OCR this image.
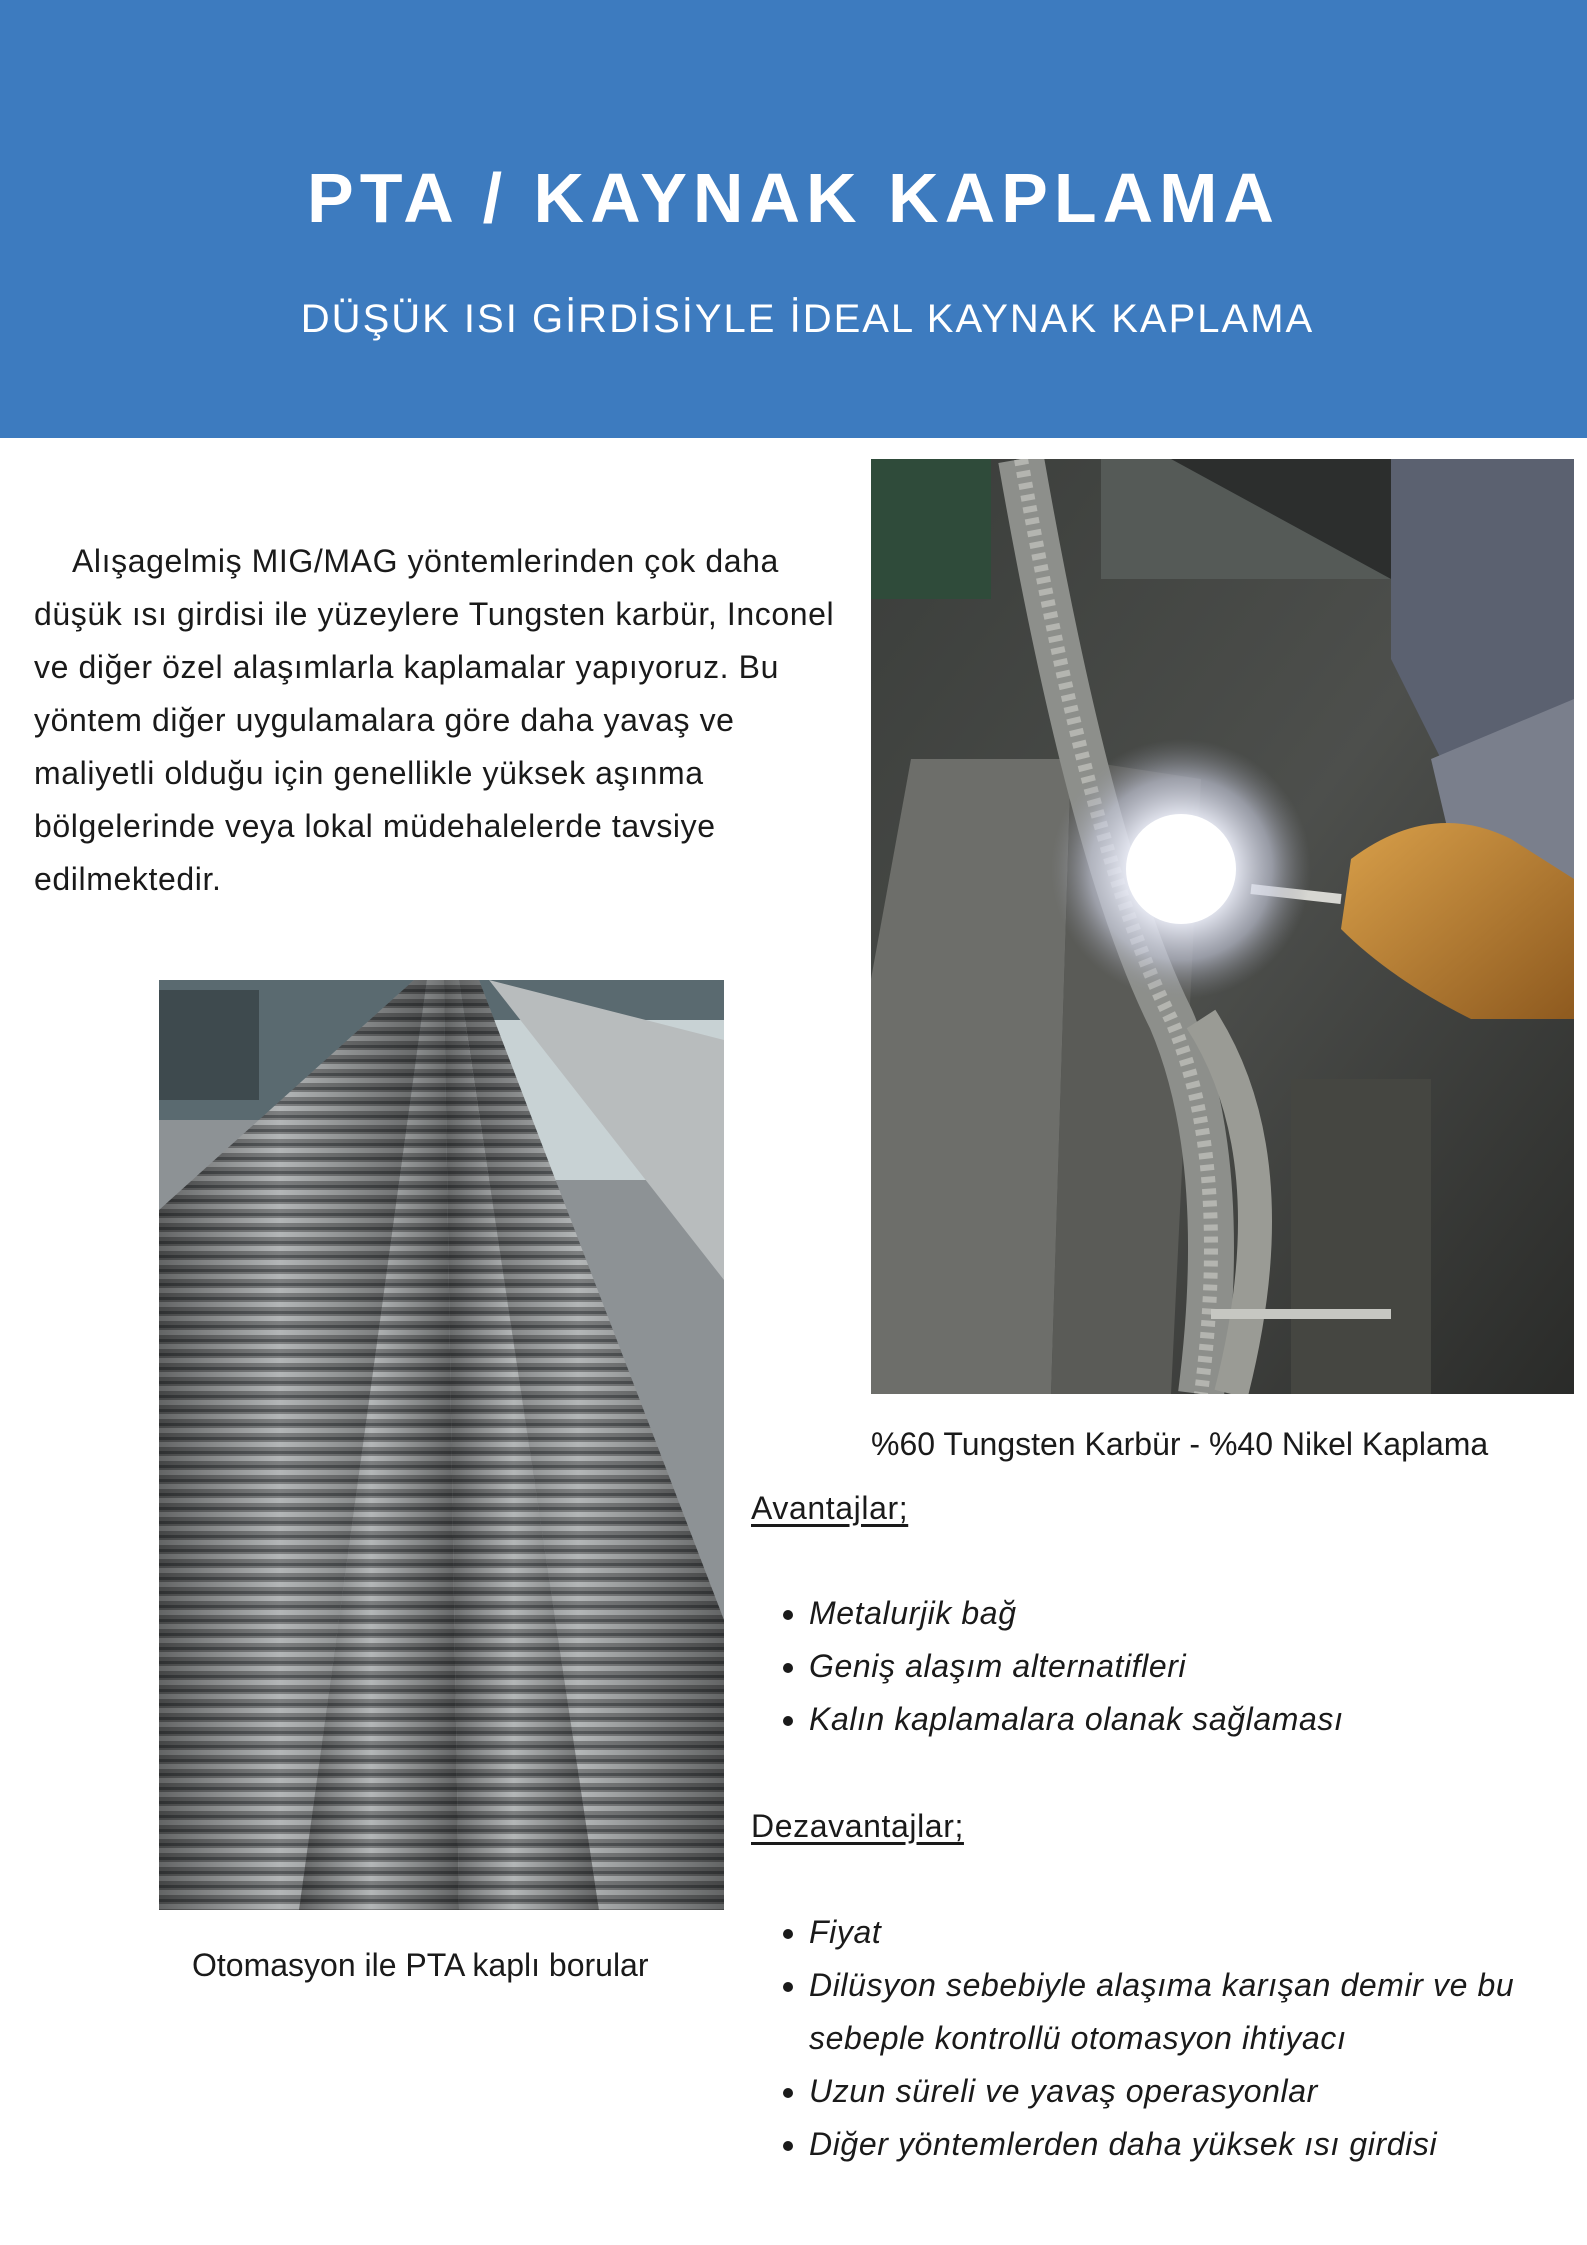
PTA / KAYNAK KAPLAMA
DÜŞÜK ISI GİRDİSİYLE İDEAL KAYNAK KAPLAMA
Alışagelmiş MIG/MAG yöntemlerinden çok daha düşük ısı girdisi ile yüzeylere Tungsten karbür, Inconel ve diğer özel alaşımlarla kaplamalar yapıyoruz. Bu yöntem diğer uygulamalara göre daha yavaş ve maliyetli olduğu için genellikle yüksek aşınma bölgelerinde veya lokal müdehalelerde tavsiye edilmektedir.
%60 Tungsten Karbür - %40 Nikel Kaplama
Otomasyon ile PTA kaplı borular
Avantajlar;
• Metalurjik bağ
• Geniş alaşım alternatifleri
• Kalın kaplamalara olanak sağlaması
Dezavantajlar;
• Fiyat
• Dilüsyon sebebiyle alaşıma karışan demir ve bu sebeple kontrollü otomasyon ihtiyacı
• Uzun süreli ve yavaş operasyonlar
• Diğer yöntemlerden daha yüksek ısı girdisi
